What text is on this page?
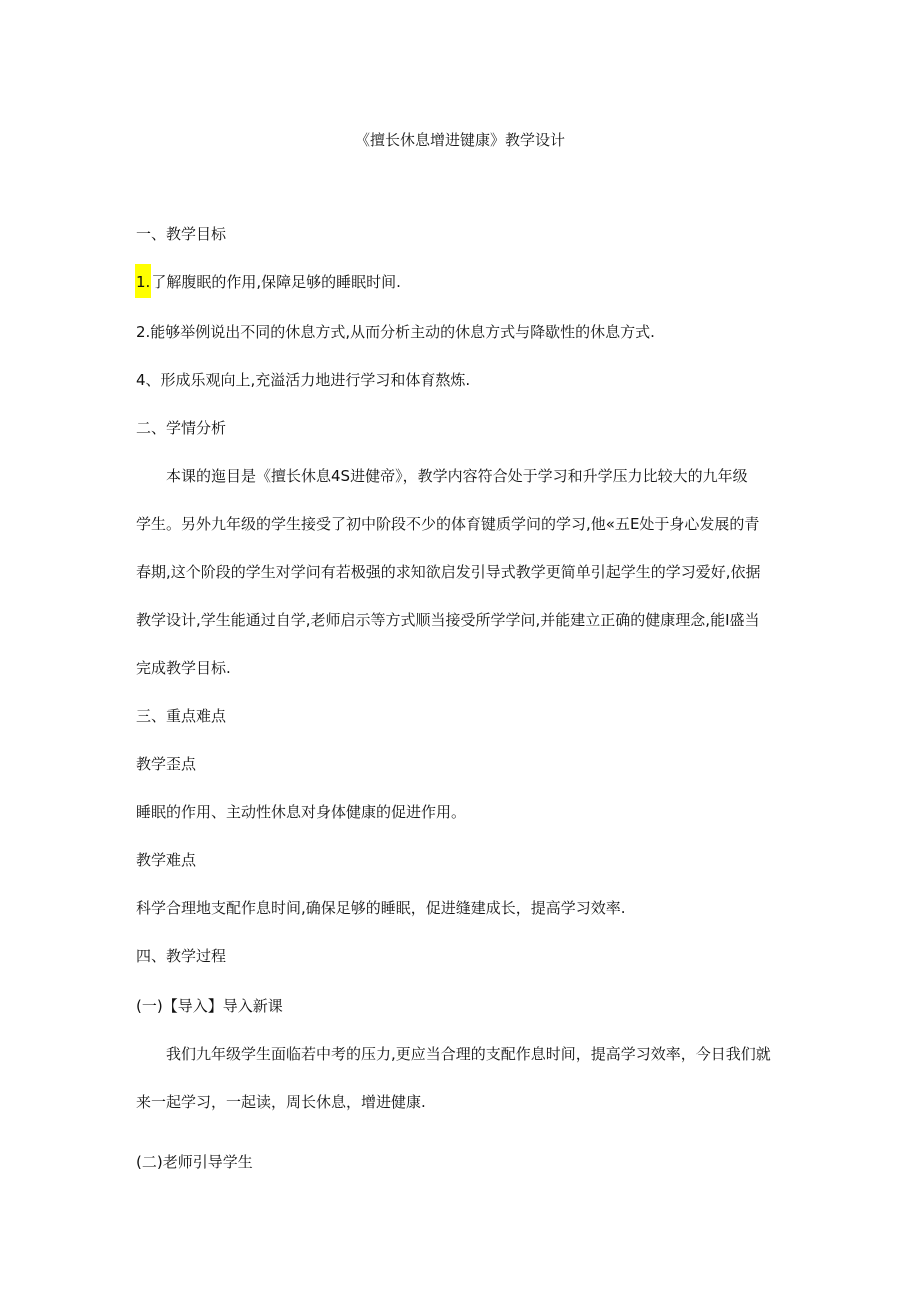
《擅长休息增进键康》教学设计
一、教学目标
1.了解腹眠的作用,保障足够的睡眠时间.
2.能够举例说出不同的休息方式,从而分析主动的休息方式与降歇性的休息方式.
4、形成乐观向上,充溢活力地进行学习和体育熬炼.
二、学情分析
本课的迤目是《擅长休息4S进健帝》，教学内容符合处于学习和升学压力比较大的九年级
学生。另外九年级的学生接受了初中阶段不少的体育键质学问的学习,他«五E处于身心发展的青
春期,这个阶段的学生对学问有若极强的求知欲启发引导式教学更简单引起学生的学习爱好,依据
教学设计,学生能通过自学,老师启示等方式顺当接受所学学问,并能建立正确的健康理念,能I盛当
完成教学目标.
三、重点难点
教学歪点
睡眠的作用、主动性休息对身体健康的促进作用。
教学难点
科学合理地支配作息时间,确保足够的睡眠，促进缝建成长，提高学习效率.
四、教学过程
(一)【导入】导入新课
我们九年级学生面临若中考的压力,更应当合理的支配作息时间，提高学习效率，今日我们就
来一起学习，一起读，周长休息，增进健康.
(二)老师引导学生
